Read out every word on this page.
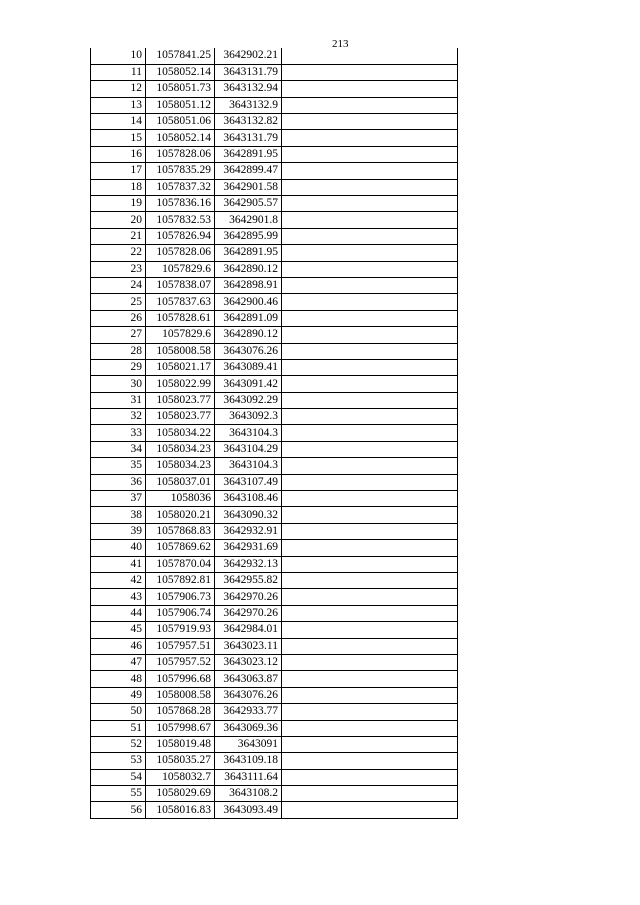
213
10	1057841.25	3642902.21	
11	1058052.14	3643131.79	
12	1058051.73	3643132.94	
13	1058051.12	3643132.9	
14	1058051.06	3643132.82	
15	1058052.14	3643131.79	
16	1057828.06	3642891.95	
17	1057835.29	3642899.47	
18	1057837.32	3642901.58	
19	1057836.16	3642905.57	
20	1057832.53	3642901.8	
21	1057826.94	3642895.99	
22	1057828.06	3642891.95	
23	1057829.6	3642890.12	
24	1057838.07	3642898.91	
25	1057837.63	3642900.46	
26	1057828.61	3642891.09	
27	1057829.6	3642890.12	
28	1058008.58	3643076.26	
29	1058021.17	3643089.41	
30	1058022.99	3643091.42	
31	1058023.77	3643092.29	
32	1058023.77	3643092.3	
33	1058034.22	3643104.3	
34	1058034.23	3643104.29	
35	1058034.23	3643104.3	
36	1058037.01	3643107.49	
37	1058036	3643108.46	
38	1058020.21	3643090.32	
39	1057868.83	3642932.91	
40	1057869.62	3642931.69	
41	1057870.04	3642932.13	
42	1057892.81	3642955.82	
43	1057906.73	3642970.26	
44	1057906.74	3642970.26	
45	1057919.93	3642984.01	
46	1057957.51	3643023.11	
47	1057957.52	3643023.12	
48	1057996.68	3643063.87	
49	1058008.58	3643076.26	
50	1057868.28	3642933.77	
51	1057998.67	3643069.36	
52	1058019.48	3643091	
53	1058035.27	3643109.18	
54	1058032.7	3643111.64	
55	1058029.69	3643108.2	
56	1058016.83	3643093.49	
